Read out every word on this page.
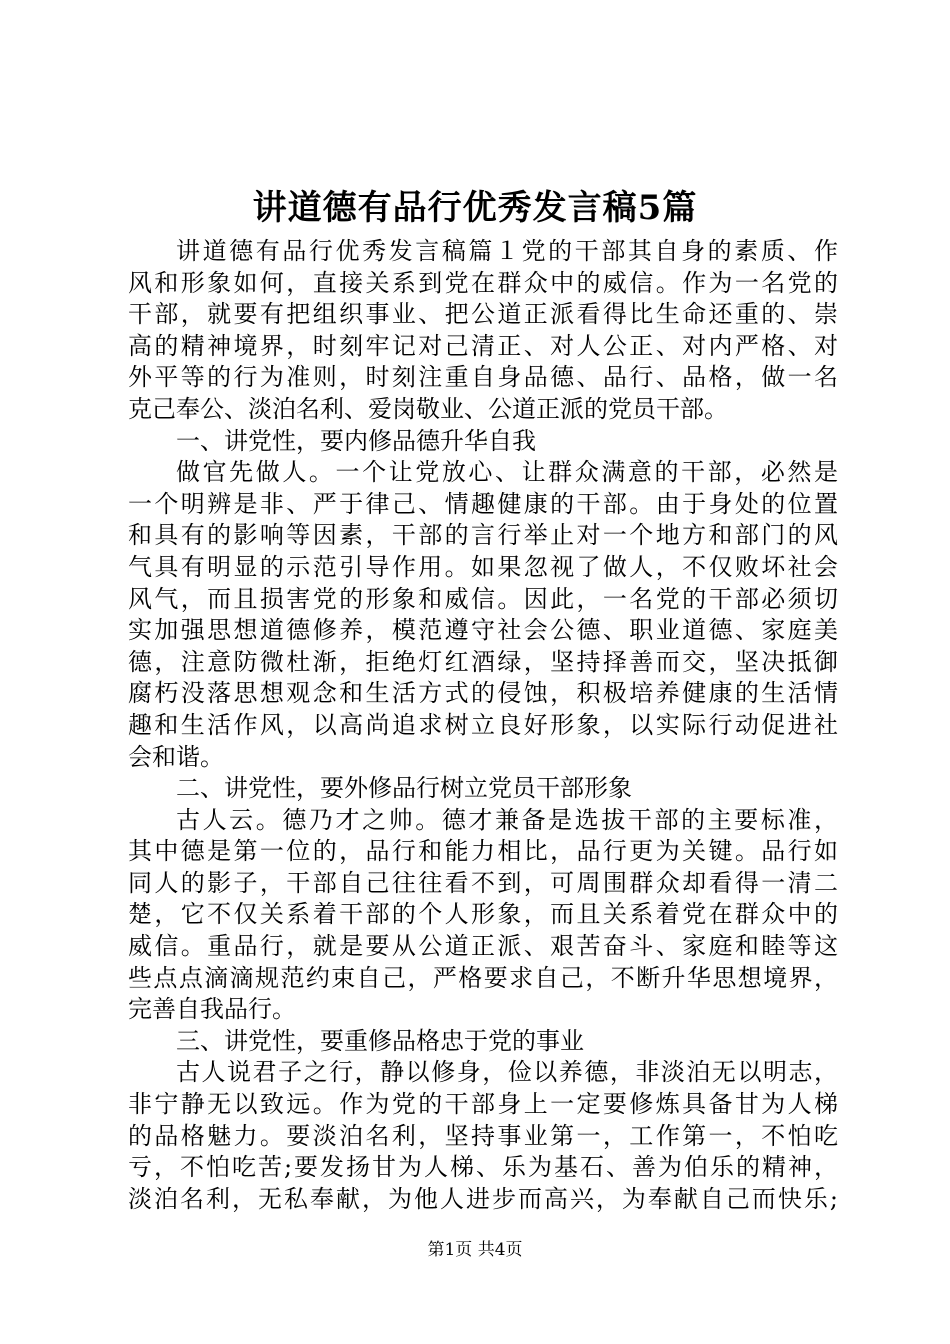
讲道德有品行优秀发言稿5篇
讲道德有品行优秀发言稿篇１党的干部其自身的素质、作
风和形象如何，直接关系到党在群众中的威信。作为一名党的
干部，就要有把组织事业、把公道正派看得比生命还重的、崇
高的精神境界，时刻牢记对己清正、对人公正、对内严格、对
外平等的行为准则，时刻注重自身品德、品行、品格，做一名
克己奉公、淡泊名利、爱岗敬业、公道正派的党员干部。
一、讲党性，要内修品德升华自我
做官先做人。一个让党放心、让群众满意的干部，必然是
一个明辨是非、严于律己、情趣健康的干部。由于身处的位置
和具有的影响等因素，干部的言行举止对一个地方和部门的风
气具有明显的示范引导作用。如果忽视了做人，不仅败坏社会
风气，而且损害党的形象和威信。因此，一名党的干部必须切
实加强思想道德修养，模范遵守社会公德、职业道德、家庭美
德，注意防微杜渐，拒绝灯红酒绿，坚持择善而交，坚决抵御
腐朽没落思想观念和生活方式的侵蚀，积极培养健康的生活情
趣和生活作风，以高尚追求树立良好形象，以实际行动促进社
会和谐。
二、讲党性，要外修品行树立党员干部形象
古人云。德乃才之帅。德才兼备是选拔干部的主要标准，
其中德是第一位的，品行和能力相比，品行更为关键。品行如
同人的影子，干部自己往往看不到，可周围群众却看得一清二
楚，它不仅关系着干部的个人形象，而且关系着党在群众中的
威信。重品行，就是要从公道正派、艰苦奋斗、家庭和睦等这
些点点滴滴规范约束自己，严格要求自己，不断升华思想境界，
完善自我品行。
三、讲党性，要重修品格忠于党的事业
古人说君子之行，静以修身，俭以养德，非淡泊无以明志，
非宁静无以致远。作为党的干部身上一定要修炼具备甘为人梯
的品格魅力。要淡泊名利，坚持事业第一，工作第一，不怕吃
亏，不怕吃苦;要发扬甘为人梯、乐为基石、善为伯乐的精神，
淡泊名利，无私奉献，为他人进步而高兴，为奉献自己而快乐;
第1页 共4页
